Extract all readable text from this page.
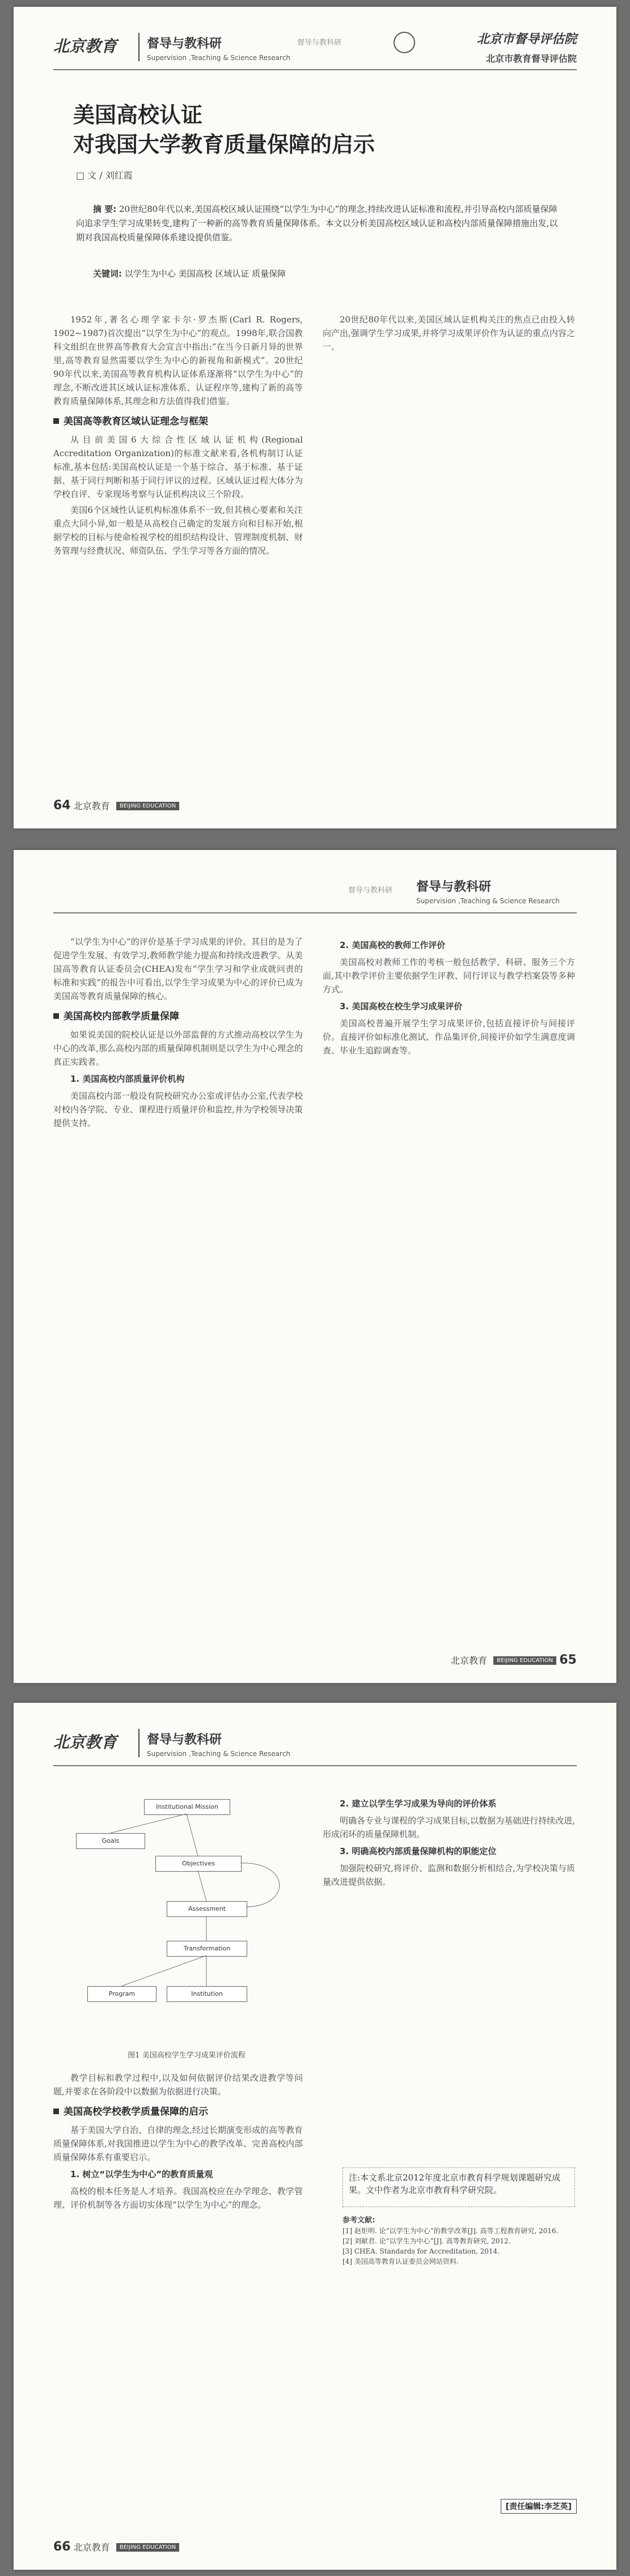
北京教育 督导与教科研
Supervision ,Teaching & Science Research
督导与教科研	北京市督导评估院
北京市教育督导评估院
美国高校认证
对我国大学教育质量保障的启示
□ 文 / 刘红霞
摘 要: 20世纪80年代以来,美国高校区域认证围绕“以学生为中心”的理念,持续改进认证标准和流程,并引导高校内部质量保障向追求学生学习成果转变,建构了一种新的高等教育质量保障体系。本文以分析美国高校区域认证和高校内部质量保障措施出发,以期对我国高校质量保障体系建设提供借鉴。
关键词: 以学生为中心 美国高校 区域认证 质量保障

1952年,著名心理学家卡尔·罗杰斯(Carl R. Rogers, 1902~1987)首次提出“以学生为中心”的观点。1998年,联合国教科文组织在世界高等教育大会宣言中指出:“在当今日新月异的世界里,高等教育显然需要以学生为中心的新视角和新模式”。20世纪90年代以来,美国高等教育机构认证体系逐渐将“以学生为中心”的理念,不断改进其区域认证标准体系、认证程序等,建构了新的高等教育质量保障体系,其理念和方法值得我们借鉴。

美国高等教育区域认证理念与框架

从目前美国6大综合性区域认证机构(Regional Accreditation Organization)的标准文献来看,各机构制订认证标准,基本包括:美国高校认证是一个基于综合、基于标准、基于证据、基于同行判断和基于同行评议的过程。区域认证过程大体分为学校自评、专家现场考察与认证机构决议三个阶段。

美国6个区域性认证机构标准体系不一致,但其核心要素和关注重点大同小异,如一般是从高校自己确定的发展方向和目标开始,根据学校的目标与使命检视学校的组织结构设计、管理制度机制、财务管理与经费状况、师资队伍、学生学习等各方面的情况。

20世纪80年代以来,美国区域认证机构关注的焦点已由投入转向产出,强调学生学习成果,并将学习成果评价作为认证的重点内容之一。

64 北京教育 BEIJING EDUCATION
督导与教科研 督导与教科研
Supervision ,Teaching & Science Research

“以学生为中心”的评价是基于学习成果的评价。其目的是为了促进学生发展、有效学习,教师教学能力提高和持续改进教学。从美国高等教育认证委员会(CHEA)发布“学生学习和学业成就问责的标准和实践”的报告中可看出,以学生学习成果为中心的评价已成为美国高等教育质量保障的核心。

美国高校内部教学质量保障

如果说美国的院校认证是以外部监督的方式推动高校以学生为中心的改革,那么高校内部的质量保障机制则是以学生为中心理念的真正实践者。

1. 美国高校内部质量评价机构

美国高校内部一般设有院校研究办公室或评估办公室,代表学校对校内各学院、专业、课程进行质量评价和监控,并为学校领导决策提供支持。

2. 美国高校的教师工作评价

美国高校对教师工作的考核一般包括教学、科研、服务三个方面,其中教学评价主要依据学生评教、同行评议与教学档案袋等多种方式。

3. 美国高校在校生学习成果评价

美国高校普遍开展学生学习成果评价,包括直接评价与间接评价。直接评价如标准化测试、作品集评价,间接评价如学生满意度调查、毕业生追踪调查等。

北京教育 BEIJING EDUCATION 65
北京教育 督导与教科研
Supervision ,Teaching & Science Research
Institutional Mission
Goals
Objectives
Assessment
Transformation
Program	Institution
图1 美国高校学生学习成果评价流程

教学目标和教学过程中,以及如何依据评价结果改进教学等问题,并要求在各阶段中以数据为依据进行决策。

美国高校学校教学质量保障的启示

基于美国大学自治、自律的理念,经过长期演变形成的高等教育质量保障体系,对我国推进以学生为中心的教学改革、完善高校内部质量保障体系有重要启示。

1. 树立“以学生为中心”的教育质量观

高校的根本任务是人才培养。我国高校应在办学理念、教学管理、评价机制等各方面切实体现“以学生为中心”的理念。

2. 建立以学生学习成果为导向的评价体系

明确各专业与课程的学习成果目标,以数据为基础进行持续改进,形成闭环的质量保障机制。

3. 明确高校内部质量保障机构的职能定位

加强院校研究,将评价、监测和数据分析相结合,为学校决策与质量改进提供依据。

注:本文系北京2012年度北京市教育科学规划课题研究成果。文中作者为北京市教育科学研究院。
参考文献:
[1] 赵炬明. 论“以学生为中心”的教学改革[J]. 高等工程教育研究, 2016.
[2] 刘献君. 论“以学生为中心”[J]. 高等教育研究, 2012.
[3] CHEA. Standards for Accreditation, 2014.
[4] 美国高等教育认证委员会网站资料.
[责任编辑:李芝英]
66 北京教育 BEIJING EDUCATION
